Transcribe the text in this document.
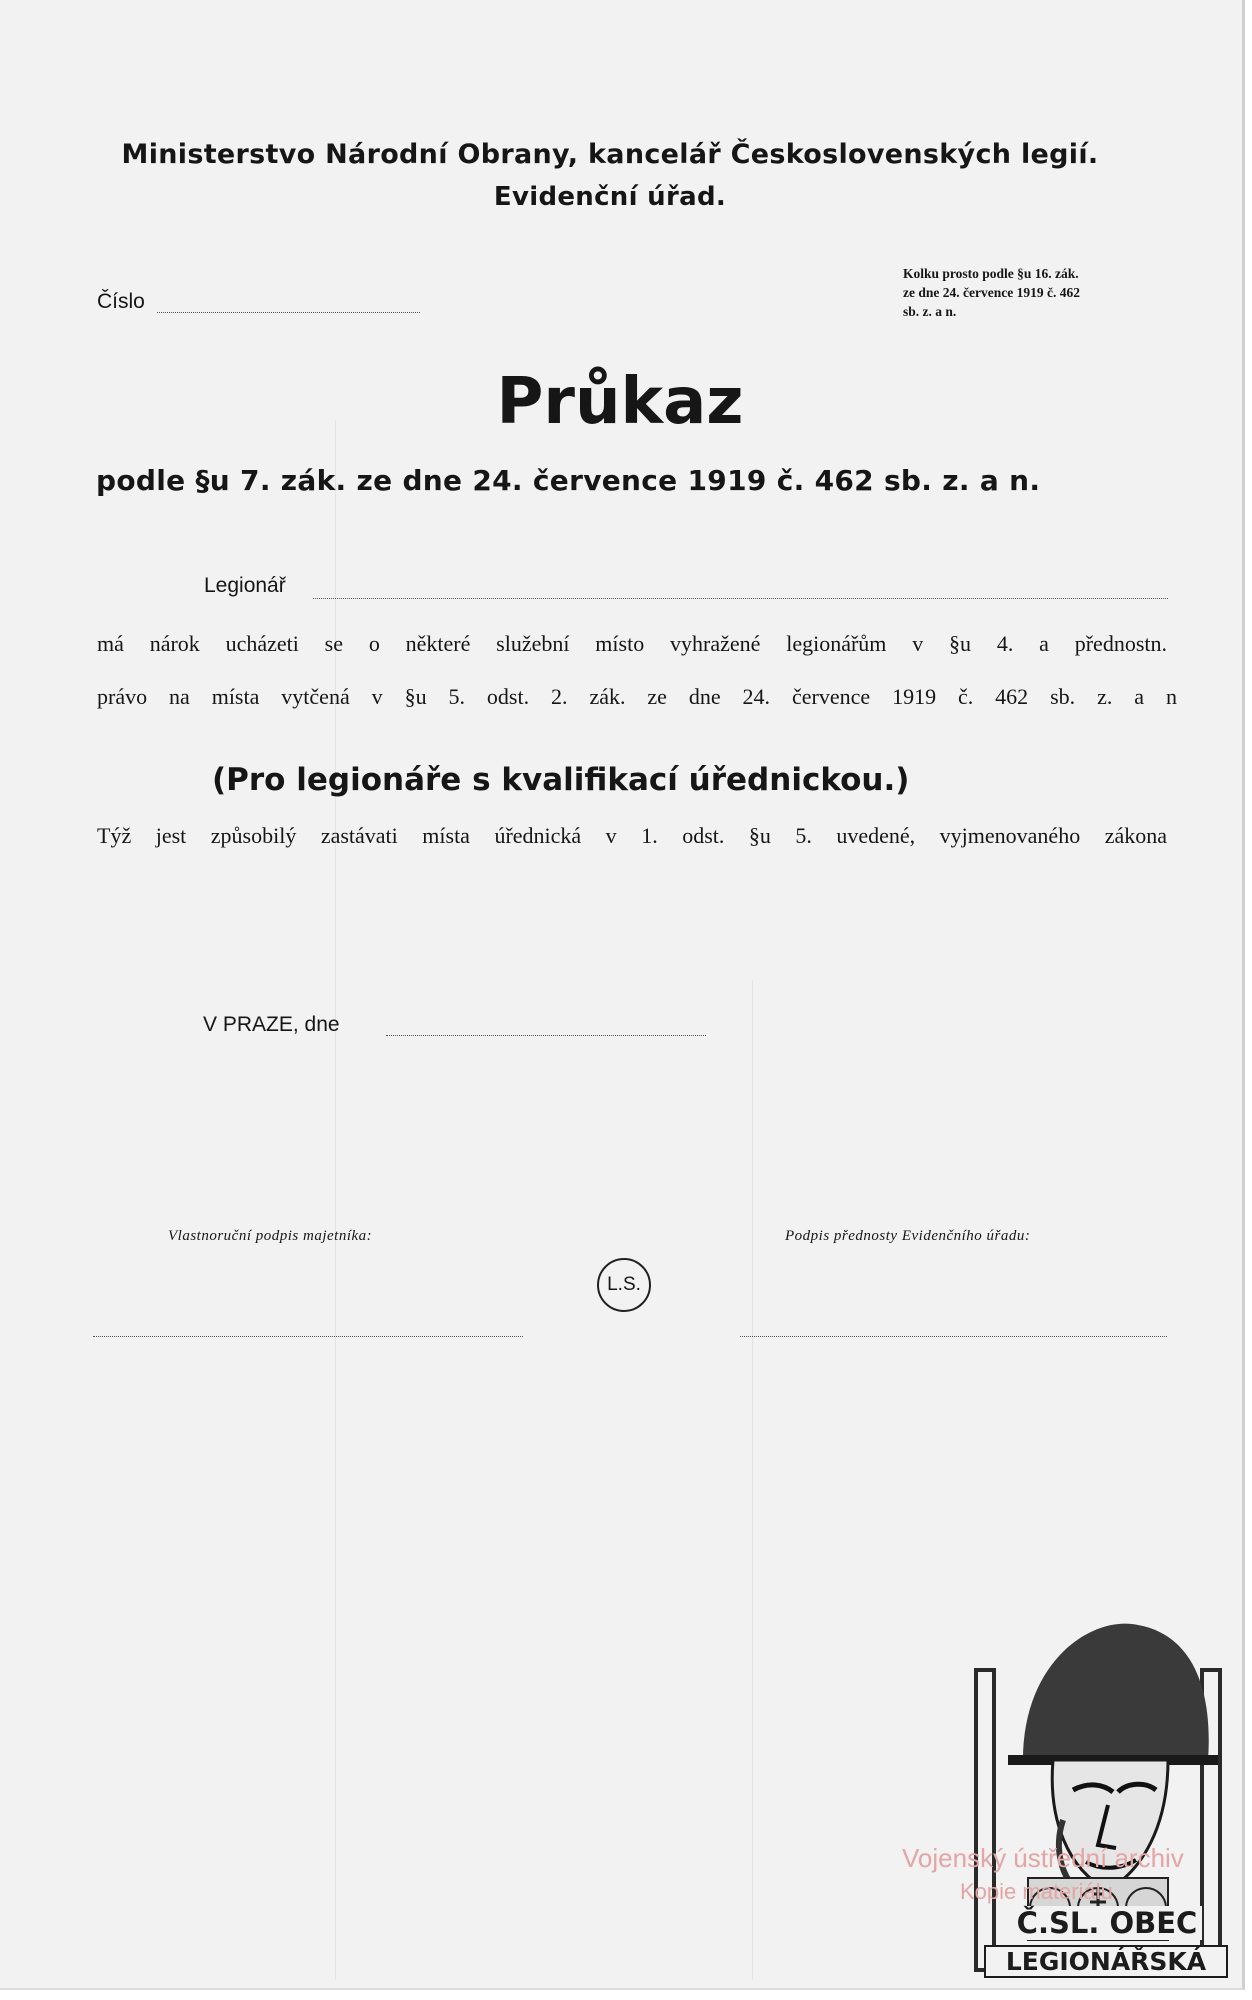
Ministerstvo Národní Obrany, kancelář Československých legií.
Evidenční úřad.
Číslo
Kolku prosto podle §u 16. zák.
ze dne 24. července 1919 č. 462
sb. z. a n.
Průkaz
podle §u 7. zák. ze dne 24. července 1919 č. 462 sb. z. a n.
Legionář
má nárok ucházeti se o některé služební místo vyhražené legionářům v §u 4. a přednostn.
právo na místa vytčená v §u 5. odst. 2. zák. ze dne 24. července 1919 č. 462 sb. z. a n
(Pro legionáře s kvalifikací úřednickou.)
Týž jest způsobilý zastávati místa úřednická v 1. odst. §u 5. uvedené, vyjmenovaného zákona
V PRAZE, dne
Vlastnoruční podpis majetníka:	Podpis přednosty Evidenčního úřadu:
L.S.
Č.SL. OBEC
LEGIONÁŘSKÁ
Vojenský ústřední archiv
Kopie materiálu
